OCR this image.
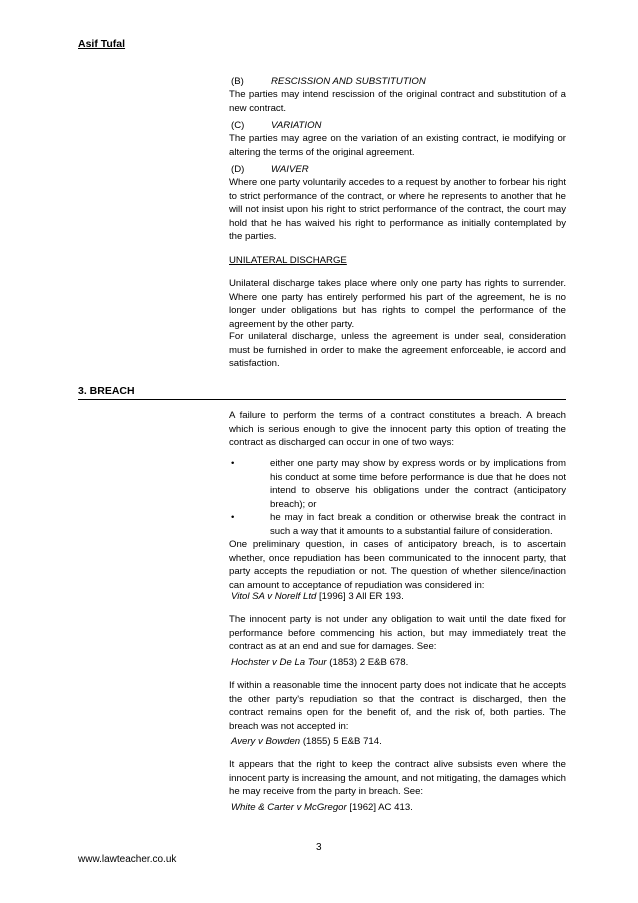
Asif Tufal
(B)	RESCISSION AND SUBSTITUTION
The parties may intend rescission of the original contract and substitution of a new contract.
(C)	VARIATION
The parties may agree on the variation of an existing contract, ie modifying or altering the terms of the original agreement.
(D)	WAIVER
Where one party voluntarily accedes to a request by another to forbear his right to strict performance of the contract, or where he represents to another that he will not insist upon his right to strict performance of the contract, the court may hold that he has waived his right to performance as initially contemplated by the parties.
UNILATERAL DISCHARGE
Unilateral discharge takes place where only one party has rights to surrender. Where one party has entirely performed his part of the agreement, he is no longer under obligations but has rights to compel the performance of the agreement by the other party.
For unilateral discharge, unless the agreement is under seal, consideration must be furnished in order to make the agreement enforceable, ie accord and satisfaction.
3. BREACH
A failure to perform the terms of a contract constitutes a breach. A breach which is serious enough to give the innocent party this option of treating the contract as discharged can occur in one of two ways:
•	either one party may show by express words or by implications from his conduct at some time before performance is due that he does not intend to observe his obligations under the contract (anticipatory breach); or
•	he may in fact break a condition or otherwise break the contract in such a way that it amounts to a substantial failure of consideration.
One preliminary question, in cases of anticipatory breach, is to ascertain whether, once repudiation has been communicated to the innocent party, that party accepts the repudiation or not. The question of whether silence/inaction can amount to acceptance of repudiation was considered in:
Vitol SA v Norelf Ltd [1996] 3 All ER 193.
The innocent party is not under any obligation to wait until the date fixed for performance before commencing his action, but may immediately treat the contract as at an end and sue for damages. See:
Hochster v De La Tour (1853) 2 E&B 678.
If within a reasonable time the innocent party does not indicate that he accepts the other party's repudiation so that the contract is discharged, then the contract remains open for the benefit of, and the risk of, both parties. The breach was not accepted in:
Avery v Bowden (1855) 5 E&B 714.
It appears that the right to keep the contract alive subsists even where the innocent party is increasing the amount, and not mitigating, the damages which he may receive from the party in breach. See:
White & Carter v McGregor [1962] AC 413.
3
www.lawteacher.co.uk
